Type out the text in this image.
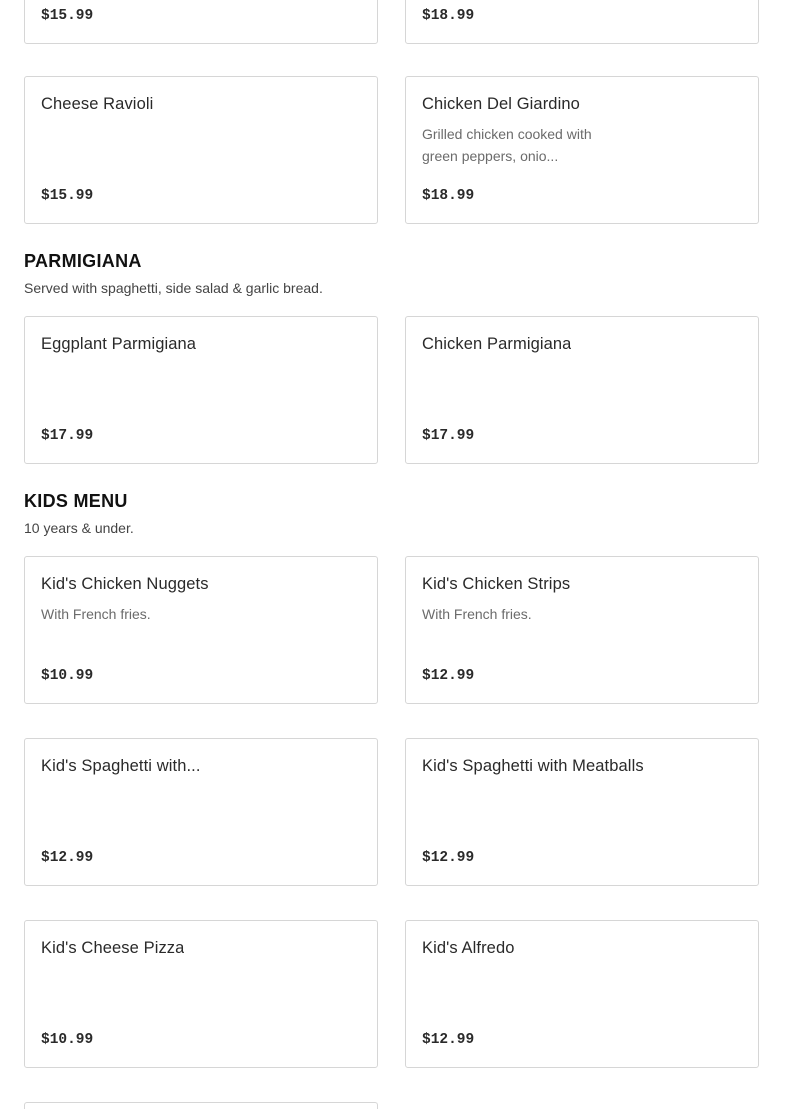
$15.99	$18.99
Cheese Ravioli
$15.99
Chicken Del Giardino
Grilled chicken cooked with green peppers, onio...
$18.99
PARMIGIANA
Served with spaghetti, side salad & garlic bread.
Eggplant Parmigiana
$17.99
Chicken Parmigiana
$17.99
KIDS MENU
10 years & under.
Kid's Chicken Nuggets
With French fries.
$10.99
Kid's Chicken Strips
With French fries.
$12.99
Kid's Spaghetti with...
$12.99
Kid's Spaghetti with Meatballs
$12.99
Kid's Cheese Pizza
$10.99
Kid's Alfredo
$12.99
